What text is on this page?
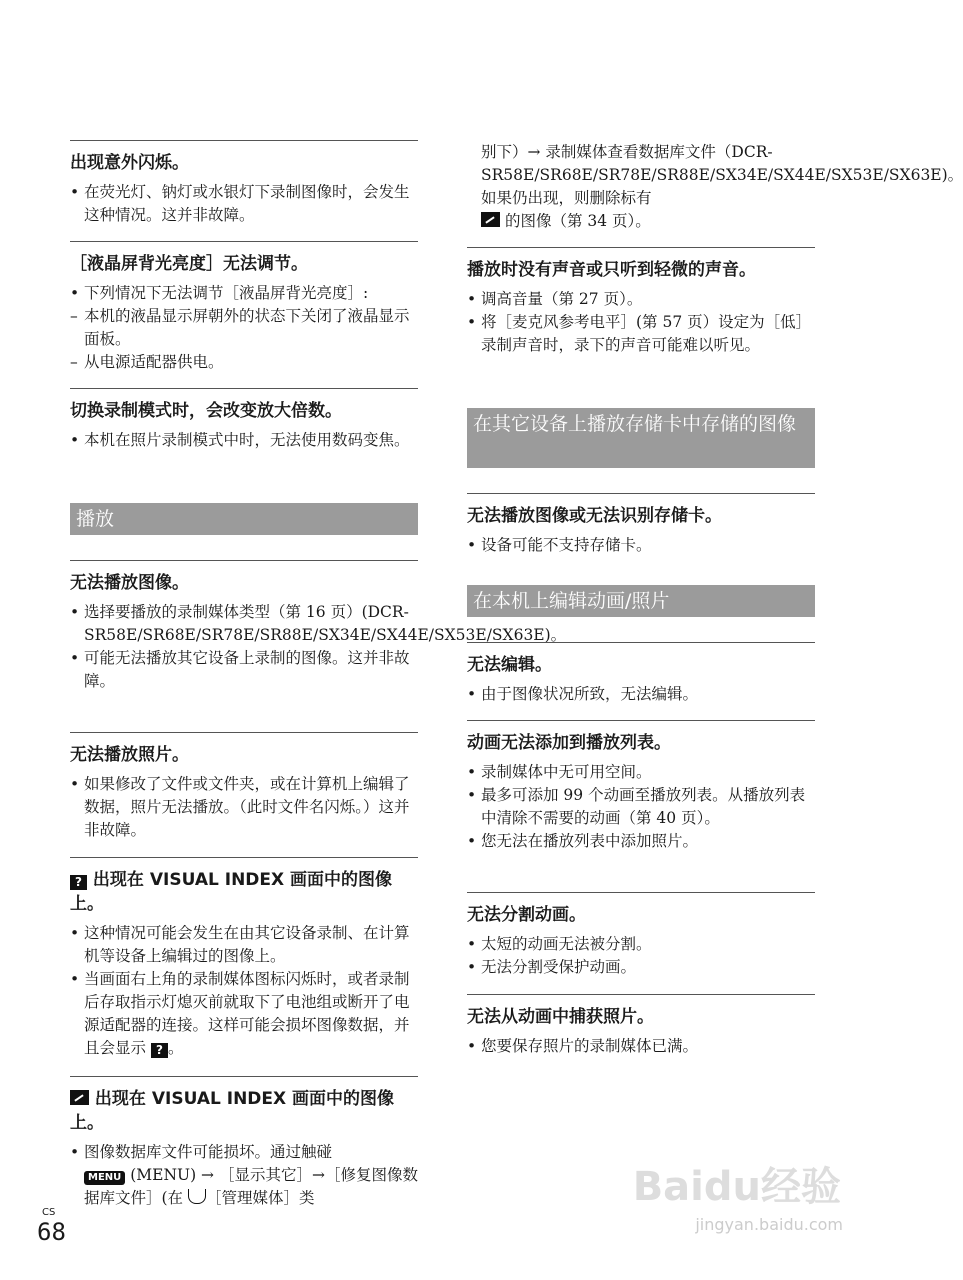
出现意外闪烁。
• 在荧光灯、钠灯或水银灯下录制图像时，会发生这种情况。这并非故障。
［液晶屏背光亮度］无法调节。
• 下列情况下无法调节［液晶屏背光亮度］:
– 本机的液晶显示屏朝外的状态下关闭了液晶显示面板。
– 从电源适配器供电。
切换录制模式时，会改变放大倍数。
• 本机在照片录制模式中时，无法使用数码变焦。
播放
无法播放图像。
• 选择要播放的录制媒体类型（第 16 页）(DCR-SR58E/SR68E/SR78E/SR88E/SX34E/SX44E/SX53E/SX63E)。
• 可能无法播放其它设备上录制的图像。这并非故障。
无法播放照片。
• 如果修改了文件或文件夹，或在计算机上编辑了数据，照片无法播放。（此时文件名闪烁。）这并非故障。
? 出现在 VISUAL INDEX 画面中的图像上。
• 这种情况可能会发生在由其它设备录制、在计算机等设备上编辑过的图像上。
• 当画面右上角的录制媒体图标闪烁时，或者录制后存取指示灯熄灭前就取下了电池组或断开了电源适配器的连接。这样可能会损坏图像数据，并且会显示 ? 。
出现在 VISUAL INDEX 画面中的图像上。
• 图像数据库文件可能损坏。通过触碰
MENU (MENU) → ［显示其它］→［修复图像数据库文件］(在 ［管理媒体］类
别下）→ 录制媒体查看数据库文件（DCR-SR58E/SR68E/SR78E/SR88E/SX34E/SX44E/SX53E/SX63E)。如果仍出现，则删除标有
的图像（第 34 页）。
播放时没有声音或只听到轻微的声音。
• 调高音量（第 27 页）。
• 将［麦克风参考电平］(第 57 页）设定为［低］录制声音时，录下的声音可能难以听见。
在其它设备上播放存储卡中存储的图像
无法播放图像或无法识别存储卡。
• 设备可能不支持存储卡。
在本机上编辑动画/照片
无法编辑。
• 由于图像状况所致，无法编辑。
动画无法添加到播放列表。
• 录制媒体中无可用空间。
• 最多可添加 99 个动画至播放列表。从播放列表中清除不需要的动画（第 40 页）。
• 您无法在播放列表中添加照片。
无法分割动画。
• 太短的动画无法被分割。
• 无法分割受保护动画。
无法从动画中捕获照片。
• 您要保存照片的录制媒体已满。
CS
68
Baidu经验
jingyan.baidu.com
